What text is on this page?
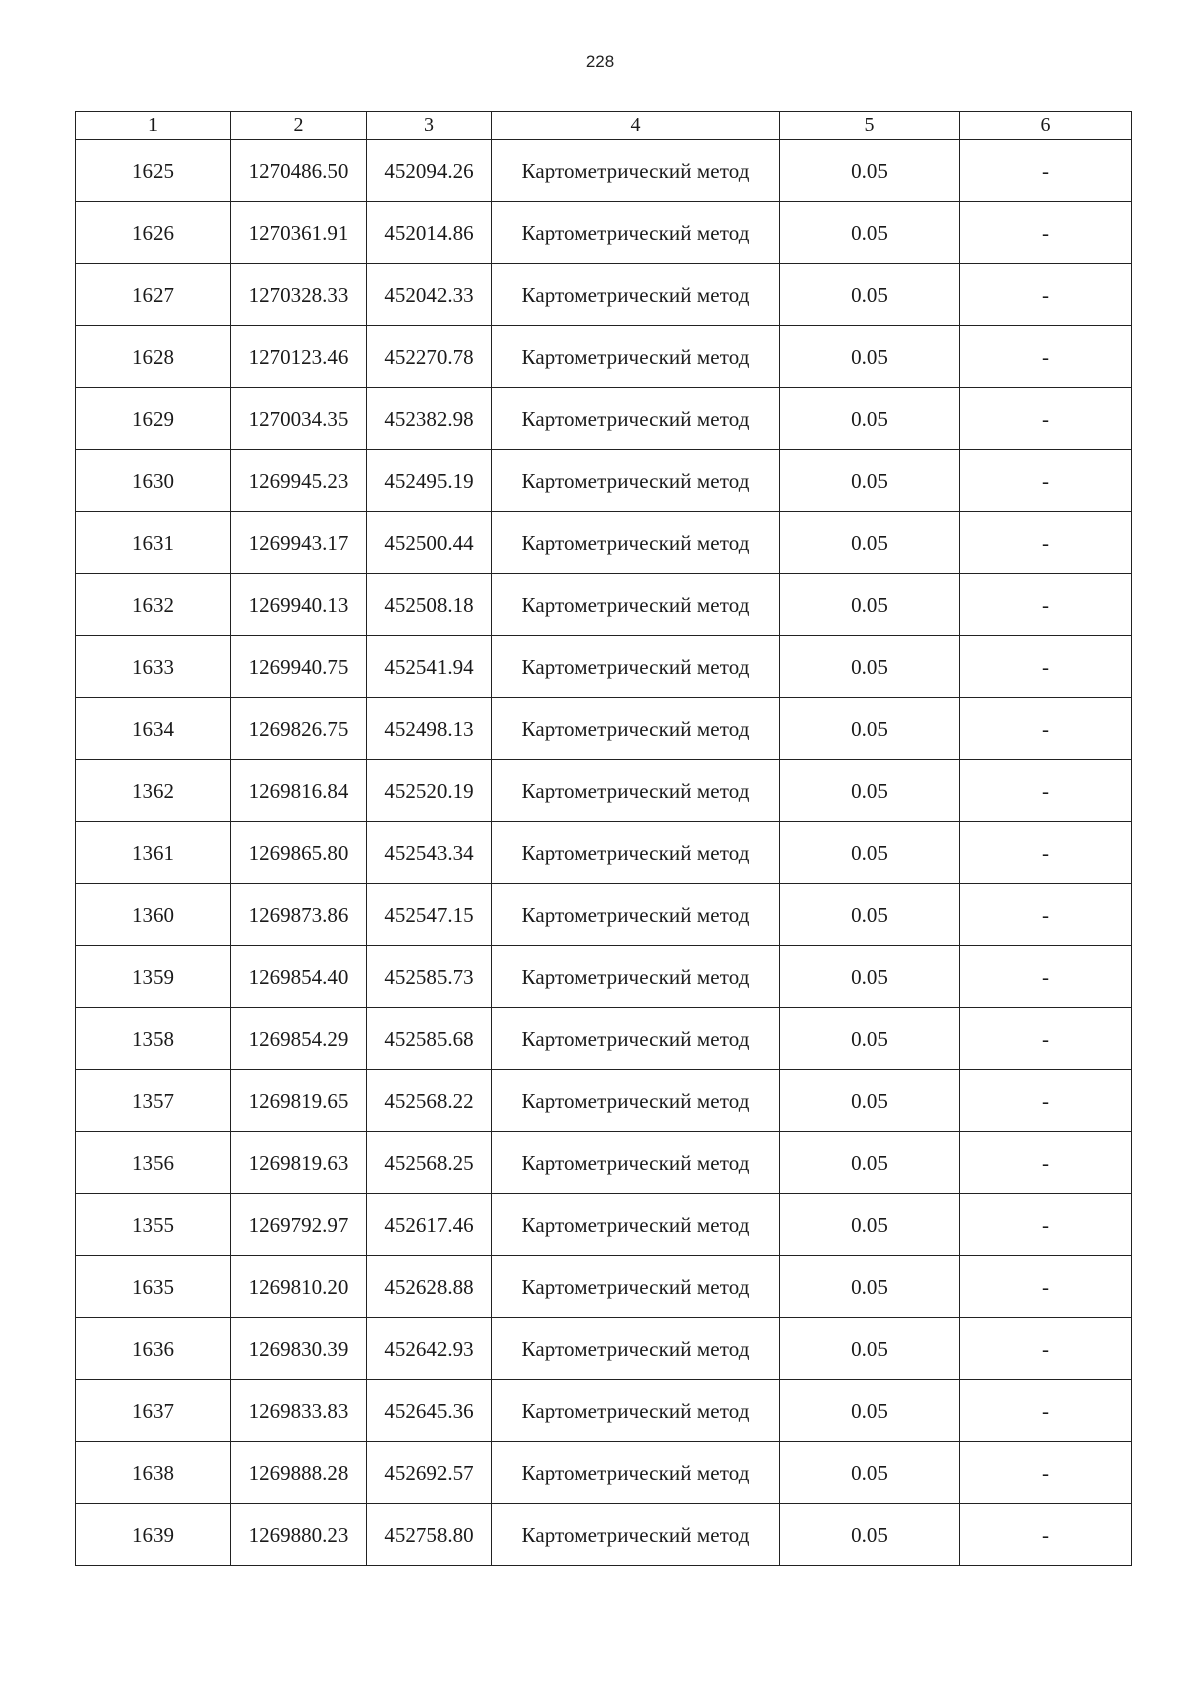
228
1	2	3	4	5	6
1625	1270486.50	452094.26	Картометрический метод	0.05	-
1626	1270361.91	452014.86	Картометрический метод	0.05	-
1627	1270328.33	452042.33	Картометрический метод	0.05	-
1628	1270123.46	452270.78	Картометрический метод	0.05	-
1629	1270034.35	452382.98	Картометрический метод	0.05	-
1630	1269945.23	452495.19	Картометрический метод	0.05	-
1631	1269943.17	452500.44	Картометрический метод	0.05	-
1632	1269940.13	452508.18	Картометрический метод	0.05	-
1633	1269940.75	452541.94	Картометрический метод	0.05	-
1634	1269826.75	452498.13	Картометрический метод	0.05	-
1362	1269816.84	452520.19	Картометрический метод	0.05	-
1361	1269865.80	452543.34	Картометрический метод	0.05	-
1360	1269873.86	452547.15	Картометрический метод	0.05	-
1359	1269854.40	452585.73	Картометрический метод	0.05	-
1358	1269854.29	452585.68	Картометрический метод	0.05	-
1357	1269819.65	452568.22	Картометрический метод	0.05	-
1356	1269819.63	452568.25	Картометрический метод	0.05	-
1355	1269792.97	452617.46	Картометрический метод	0.05	-
1635	1269810.20	452628.88	Картометрический метод	0.05	-
1636	1269830.39	452642.93	Картометрический метод	0.05	-
1637	1269833.83	452645.36	Картометрический метод	0.05	-
1638	1269888.28	452692.57	Картометрический метод	0.05	-
1639	1269880.23	452758.80	Картометрический метод	0.05	-
